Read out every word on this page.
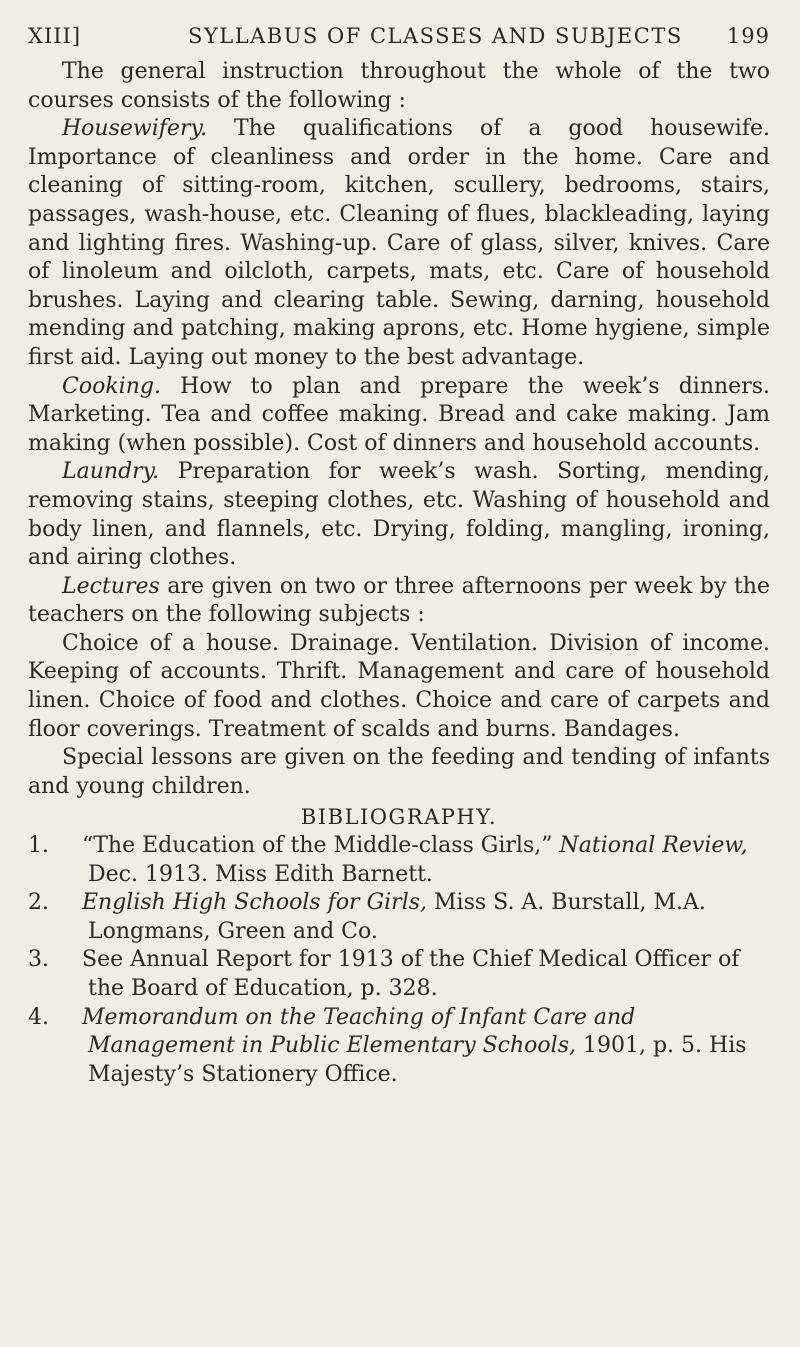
XIII]	SYLLABUS OF CLASSES AND SUBJECTS 199

The general instruction throughout the whole of the two courses consists of the following :

Housewifery. The qualifications of a good housewife. Importance of cleanliness and order in the home. Care and cleaning of sitting-room, kitchen, scullery, bedrooms, stairs, passages, wash-house, etc. Cleaning of flues, blackleading, laying and lighting fires. Washing-up. Care of glass, silver, knives. Care of linoleum and oilcloth, carpets, mats, etc. Care of household brushes. Laying and clearing table. Sewing, darning, household mending and patching, making aprons, etc. Home hygiene, simple first aid. Laying out money to the best advantage.

Cooking. How to plan and prepare the week’s dinners. Marketing. Tea and coffee making. Bread and cake making. Jam making (when possible). Cost of dinners and household accounts.

Laundry. Preparation for week’s wash. Sorting, mending, removing stains, steeping clothes, etc. Washing of household and body linen, and flannels, etc. Drying, folding, mangling, ironing, and airing clothes.

Lectures are given on two or three afternoons per week by the teachers on the following subjects :

Choice of a house. Drainage. Ventilation. Division of income. Keeping of accounts. Thrift. Management and care of household linen. Choice of food and clothes. Choice and care of carpets and floor coverings. Treatment of scalds and burns. Bandages.

Special lessons are given on the feeding and tending of infants and young children.

BIBLIOGRAPHY.
1. “The Education of the Middle-class Girls,” National Review, Dec. 1913. Miss Edith Barnett.
2. English High Schools for Girls, Miss S. A. Burstall, M.A. Longmans, Green and Co.
3. See Annual Report for 1913 of the Chief Medical Officer of the Board of Education, p. 328.
4. Memorandum on the Teaching of Infant Care and Management in Public Elementary Schools, 1901, p. 5. His Majesty’s Stationery Office.
